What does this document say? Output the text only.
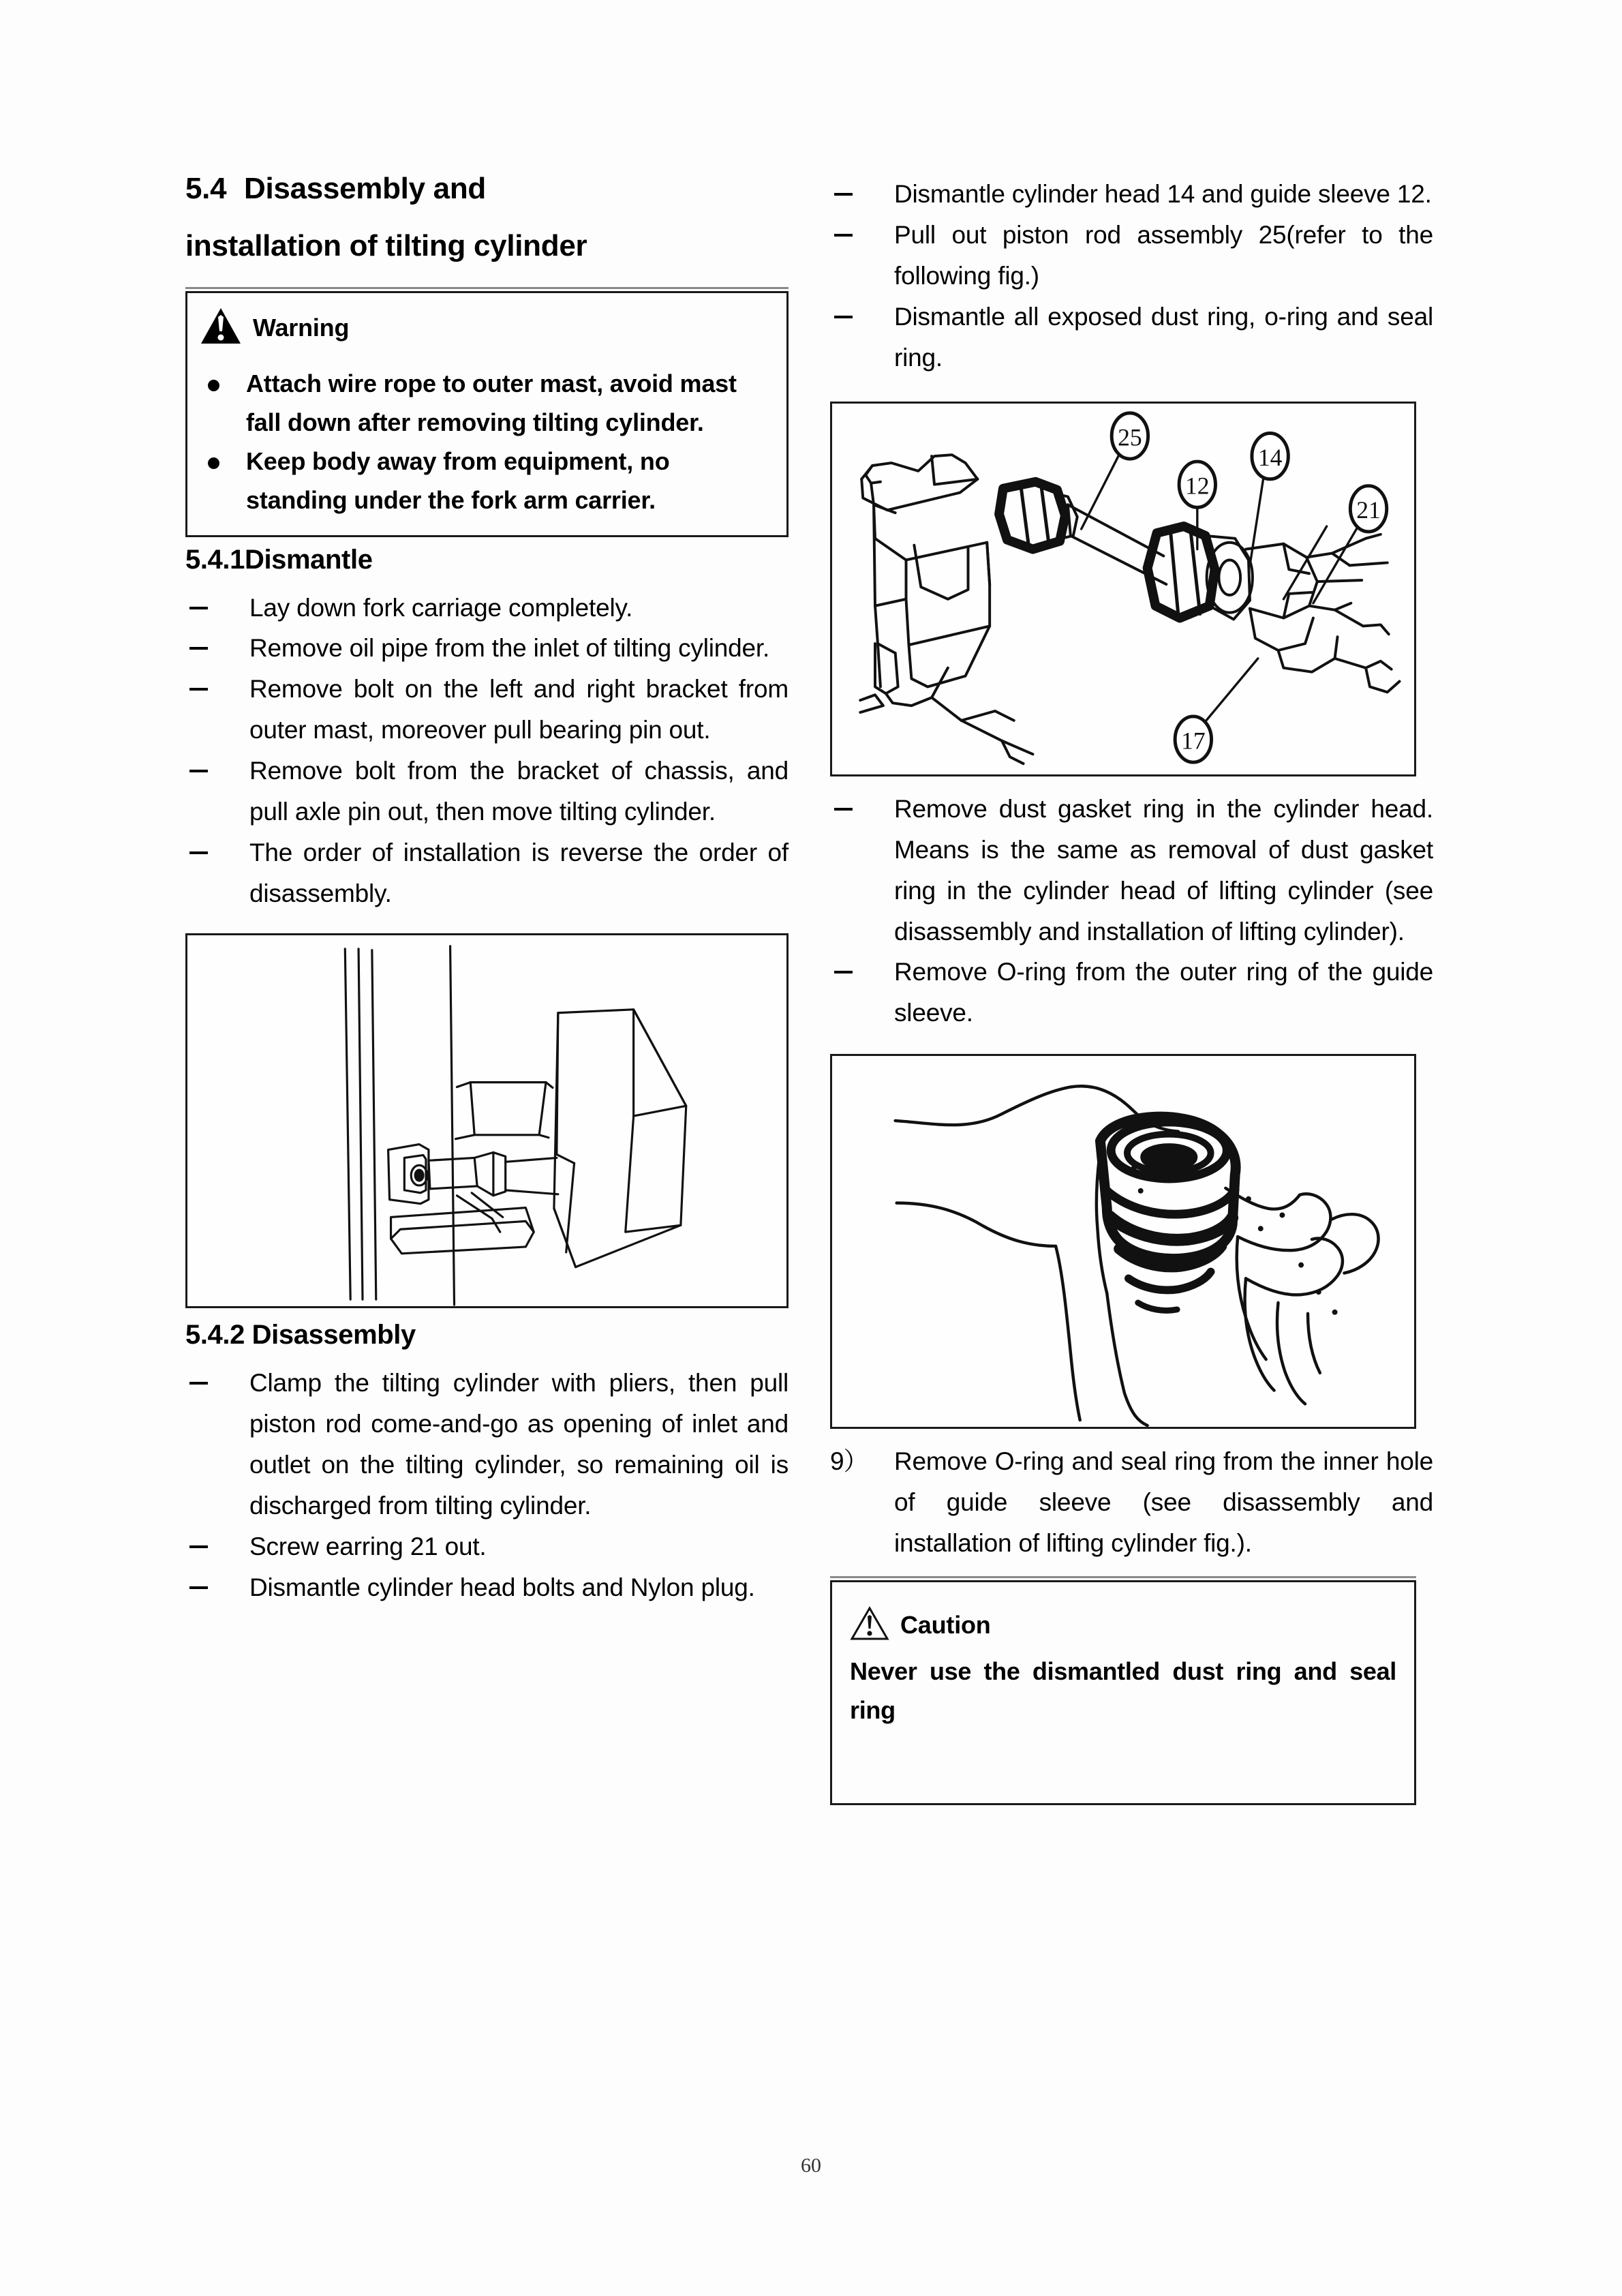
5.4 Disassembly and
installation of tilting cylinder
Warning
Attach wire rope to outer mast, avoid mast fall down after removing tilting cylinder.
Keep body away from equipment, no standing under the fork arm carrier.
5.4.1Dismantle
Lay down fork carriage completely.
Remove oil pipe from the inlet of tilting cylinder.
Remove bolt on the left and right bracket from outer mast, moreover pull bearing pin out.
Remove bolt from the bracket of chassis, and pull axle pin out, then move tilting cylinder.
The order of installation is reverse the order of disassembly.
5.4.2 Disassembly
Clamp the tilting cylinder with pliers, then pull piston rod come-and-go as opening of inlet and outlet on the tilting cylinder, so remaining oil is discharged from tilting cylinder.
Screw earring 21 out.
Dismantle cylinder head bolts and Nylon plug.
Dismantle cylinder head 14 and guide sleeve 12.
Pull out piston rod assembly 25(refer to the following fig.)
Dismantle all exposed dust ring, o-ring and seal ring.
25
12
14
21
17
Remove dust gasket ring in the cylinder head. Means is the same as removal of dust gasket ring in the cylinder head of lifting cylinder (see disassembly and installation of lifting cylinder).
Remove O-ring from the outer ring of the guide sleeve.
9） Remove O-ring and seal ring from the inner hole of guide sleeve (see disassembly and installation of lifting cylinder fig.).
Caution
Never use the dismantled dust ring and seal ring
60
